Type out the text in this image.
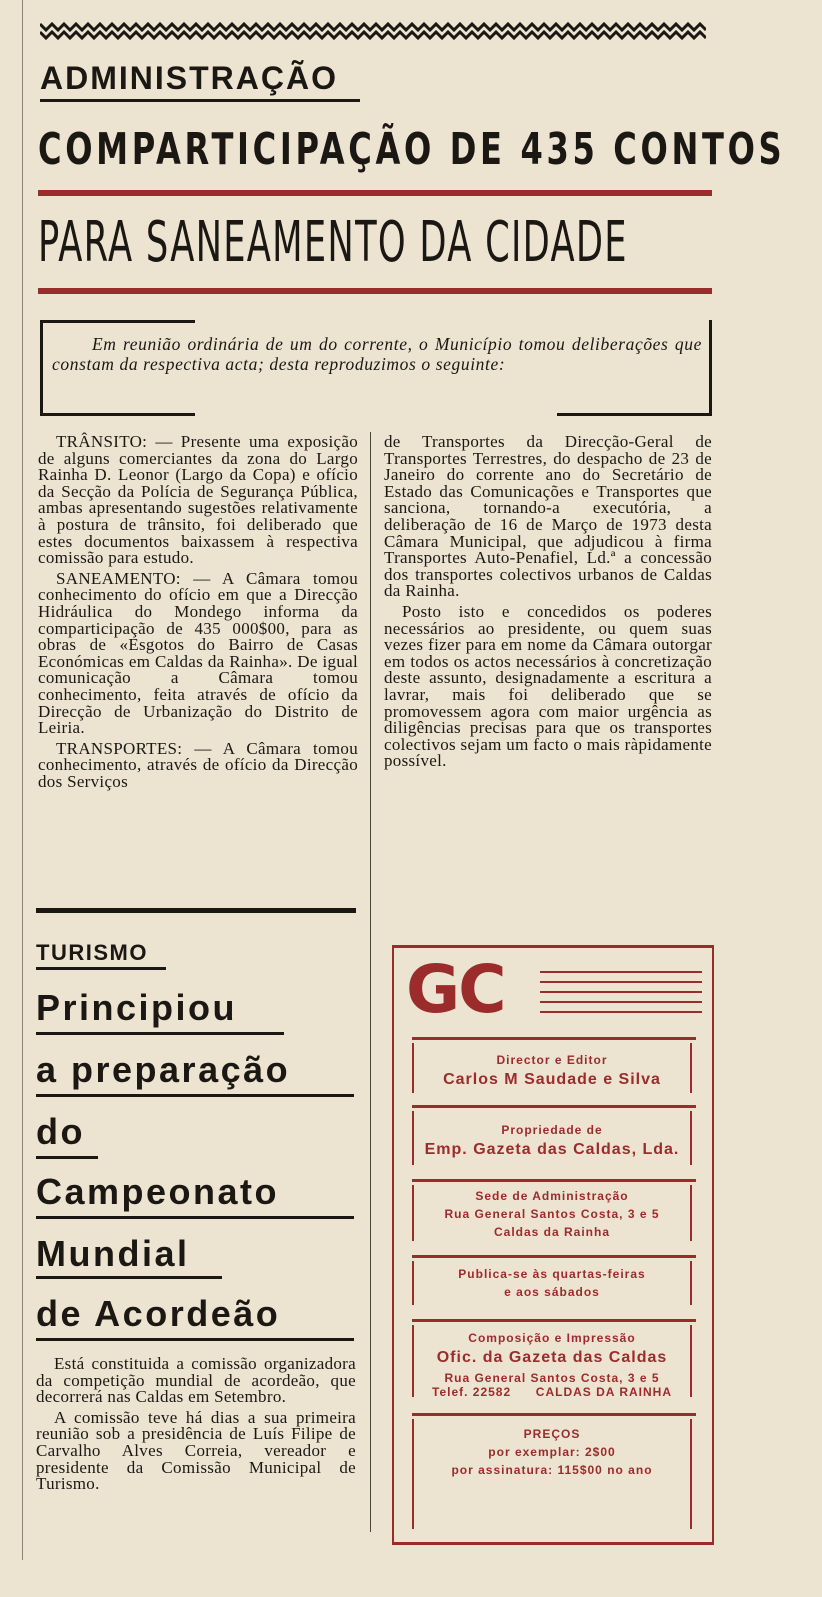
ADMINISTRAÇÃO
COMPARTICIPAÇÃO DE 435 CONTOS
PARA SANEAMENTO DA CIDADE
Em reunião ordinária de um do corrente, o Município tomou deliberações que constam da respectiva acta; desta reproduzimos o seguinte:

TRÂNSITO: — Presente uma exposição de alguns comerciantes da zona do Largo Rainha D. Leonor (Largo da Copa) e ofício da Secção da Polícia de Segurança Pública, ambas apresentando sugestões relativamente à postura de trânsito, foi deliberado que estes documentos baixassem à respectiva comissão para estudo.

SANEAMENTO: — A Câmara tomou conhecimento do ofício em que a Direcção Hidráulica do Mondego informa da comparticipação de 435 000$00, para as obras de «Esgotos do Bairro de Casas Económicas em Caldas da Rainha». De igual comunicação a Câmara tomou conhecimento, feita através de ofício da Direcção de Urbanização do Distrito de Leiria.

TRANSPORTES: — A Câmara tomou conhecimento, através de ofício da Direcção dos Serviços

de Transportes da Direcção-Geral de Transportes Terrestres, do despacho de 23 de Janeiro do corrente ano do Secretário de Estado das Comunicações e Transportes que sanciona, tornando-a executória, a deliberação de 16 de Março de 1973 desta Câmara Municipal, que adjudicou à firma Transportes Auto-Penafiel, Ld.ª a concessão dos transportes colectivos urbanos de Caldas da Rainha.

Posto isto e concedidos os poderes necessários ao presidente, ou quem suas vezes fizer para em nome da Câmara outorgar em todos os actos necessários à concretização deste assunto, designadamente a escritura a lavrar, mais foi deliberado que se promovessem agora com maior urgência as diligências precisas para que os transportes colectivos sejam um facto o mais ràpidamente possível.

TURISMO
Principiou
a preparação
do
Campeonato
Mundial
de Acordeão

Está constituida a comissão organizadora da competição mundial de acordeão, que decorrerá nas Caldas em Setembro.

A comissão teve há dias a sua primeira reunião sob a presidência de Luís Filipe de Carvalho Alves Correia, vereador e presidente da Comissão Municipal de Turismo.

GC
Director e Editor
Carlos M Saudade e Silva
Propriedade de
Emp. Gazeta das Caldas, Lda.
Sede de Administração
Rua General Santos Costa, 3 e 5
Caldas da Rainha
Publica-se às quartas-feiras
e aos sábados
Composição e Impressão
Ofic. da Gazeta das Caldas
Rua General Santos Costa, 3 e 5
Telef. 22582 CALDAS DA RAINHA
PREÇOS
por exemplar: 2$00
por assinatura: 115$00 no ano
